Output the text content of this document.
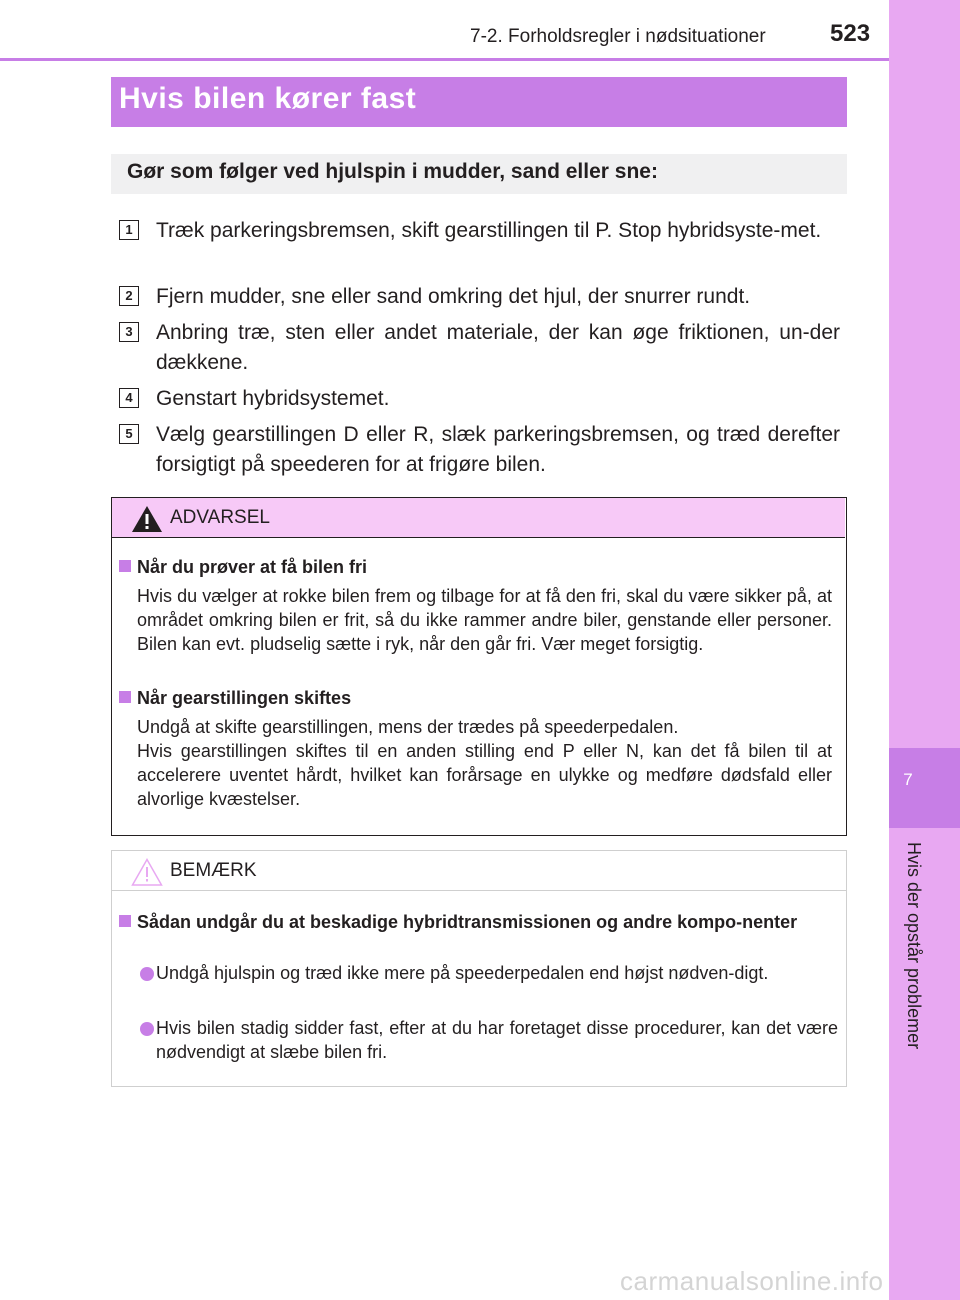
7
Hvis der opstår problemer
7-2. Forholdsregler i nødsituationer	523
Hvis bilen kører fast
Gør som følger ved hjulspin i mudder, sand eller sne:
1	Træk parkeringsbremsen, skift gearstillingen til P. Stop hybridsyste-met.
2	Fjern mudder, sne eller sand omkring det hjul, der snurrer rundt.
3	Anbring træ, sten eller andet materiale, der kan øge friktionen, un-der dækkene.
4	Genstart hybridsystemet.
5	Vælg gearstillingen D eller R, slæk parkeringsbremsen, og træd derefter forsigtigt på speederen for at frigøre bilen.
ADVARSEL
Når du prøver at få bilen fri
Hvis du vælger at rokke bilen frem og tilbage for at få den fri, skal du være sikker på, at området omkring bilen er frit, så du ikke rammer andre biler, genstande eller personer. Bilen kan evt. pludselig sætte i ryk, når den går fri. Vær meget forsigtig.
Når gearstillingen skiftes
Undgå at skifte gearstillingen, mens der trædes på speederpedalen.
Hvis gearstillingen skiftes til en anden stilling end P eller N, kan det få bilen til at accelerere uventet hårdt, hvilket kan forårsage en ulykke og medføre dødsfald eller alvorlige kvæstelser.
BEMÆRK
Sådan undgår du at beskadige hybridtransmissionen og andre kompo-nenter
Undgå hjulspin og træd ikke mere på speederpedalen end højst nødven-digt.
Hvis bilen stadig sidder fast, efter at du har foretaget disse procedurer, kan det være nødvendigt at slæbe bilen fri.
carmanualsonline.info
